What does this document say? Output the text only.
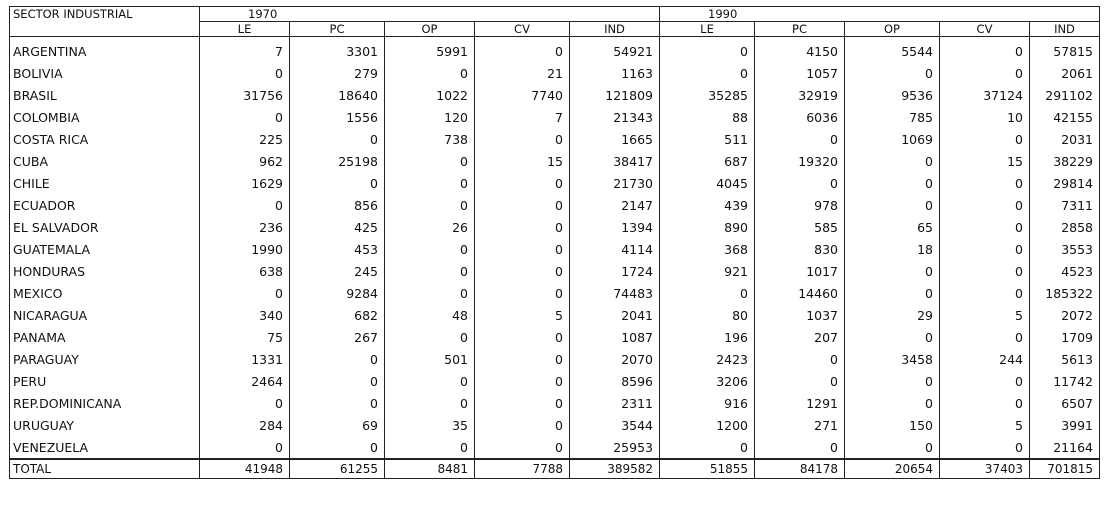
SECTOR INDUSTRIAL	1970					1990				
	LE	PC	OP	CV	IND	LE	PC	OP	CV	IND
ARGENTINA	7	3301	5991	0	54921	0	4150	5544	0	57815
BOLIVIA	0	279	0	21	1163	0	1057	0	0	2061
BRASIL	31756	18640	1022	7740	121809	35285	32919	9536	37124	291102
COLOMBIA	0	1556	120	7	21343	88	6036	785	10	42155
COSTA RICA	225	0	738	0	1665	511	0	1069	0	2031
CUBA	962	25198	0	15	38417	687	19320	0	15	38229
CHILE	1629	0	0	0	21730	4045	0	0	0	29814
ECUADOR	0	856	0	0	2147	439	978	0	0	7311
EL SALVADOR	236	425	26	0	1394	890	585	65	0	2858
GUATEMALA	1990	453	0	0	4114	368	830	18	0	3553
HONDURAS	638	245	0	0	1724	921	1017	0	0	4523
MEXICO	0	9284	0	0	74483	0	14460	0	0	185322
NICARAGUA	340	682	48	5	2041	80	1037	29	5	2072
PANAMA	75	267	0	0	1087	196	207	0	0	1709
PARAGUAY	1331	0	501	0	2070	2423	0	3458	244	5613
PERU	2464	0	0	0	8596	3206	0	0	0	11742
REP.DOMINICANA	0	0	0	0	2311	916	1291	0	0	6507
URUGUAY	284	69	35	0	3544	1200	271	150	5	3991
VENEZUELA	0	0	0	0	25953	0	0	0	0	21164
TOTAL	41948	61255	8481	7788	389582	51855	84178	20654	37403	701815
